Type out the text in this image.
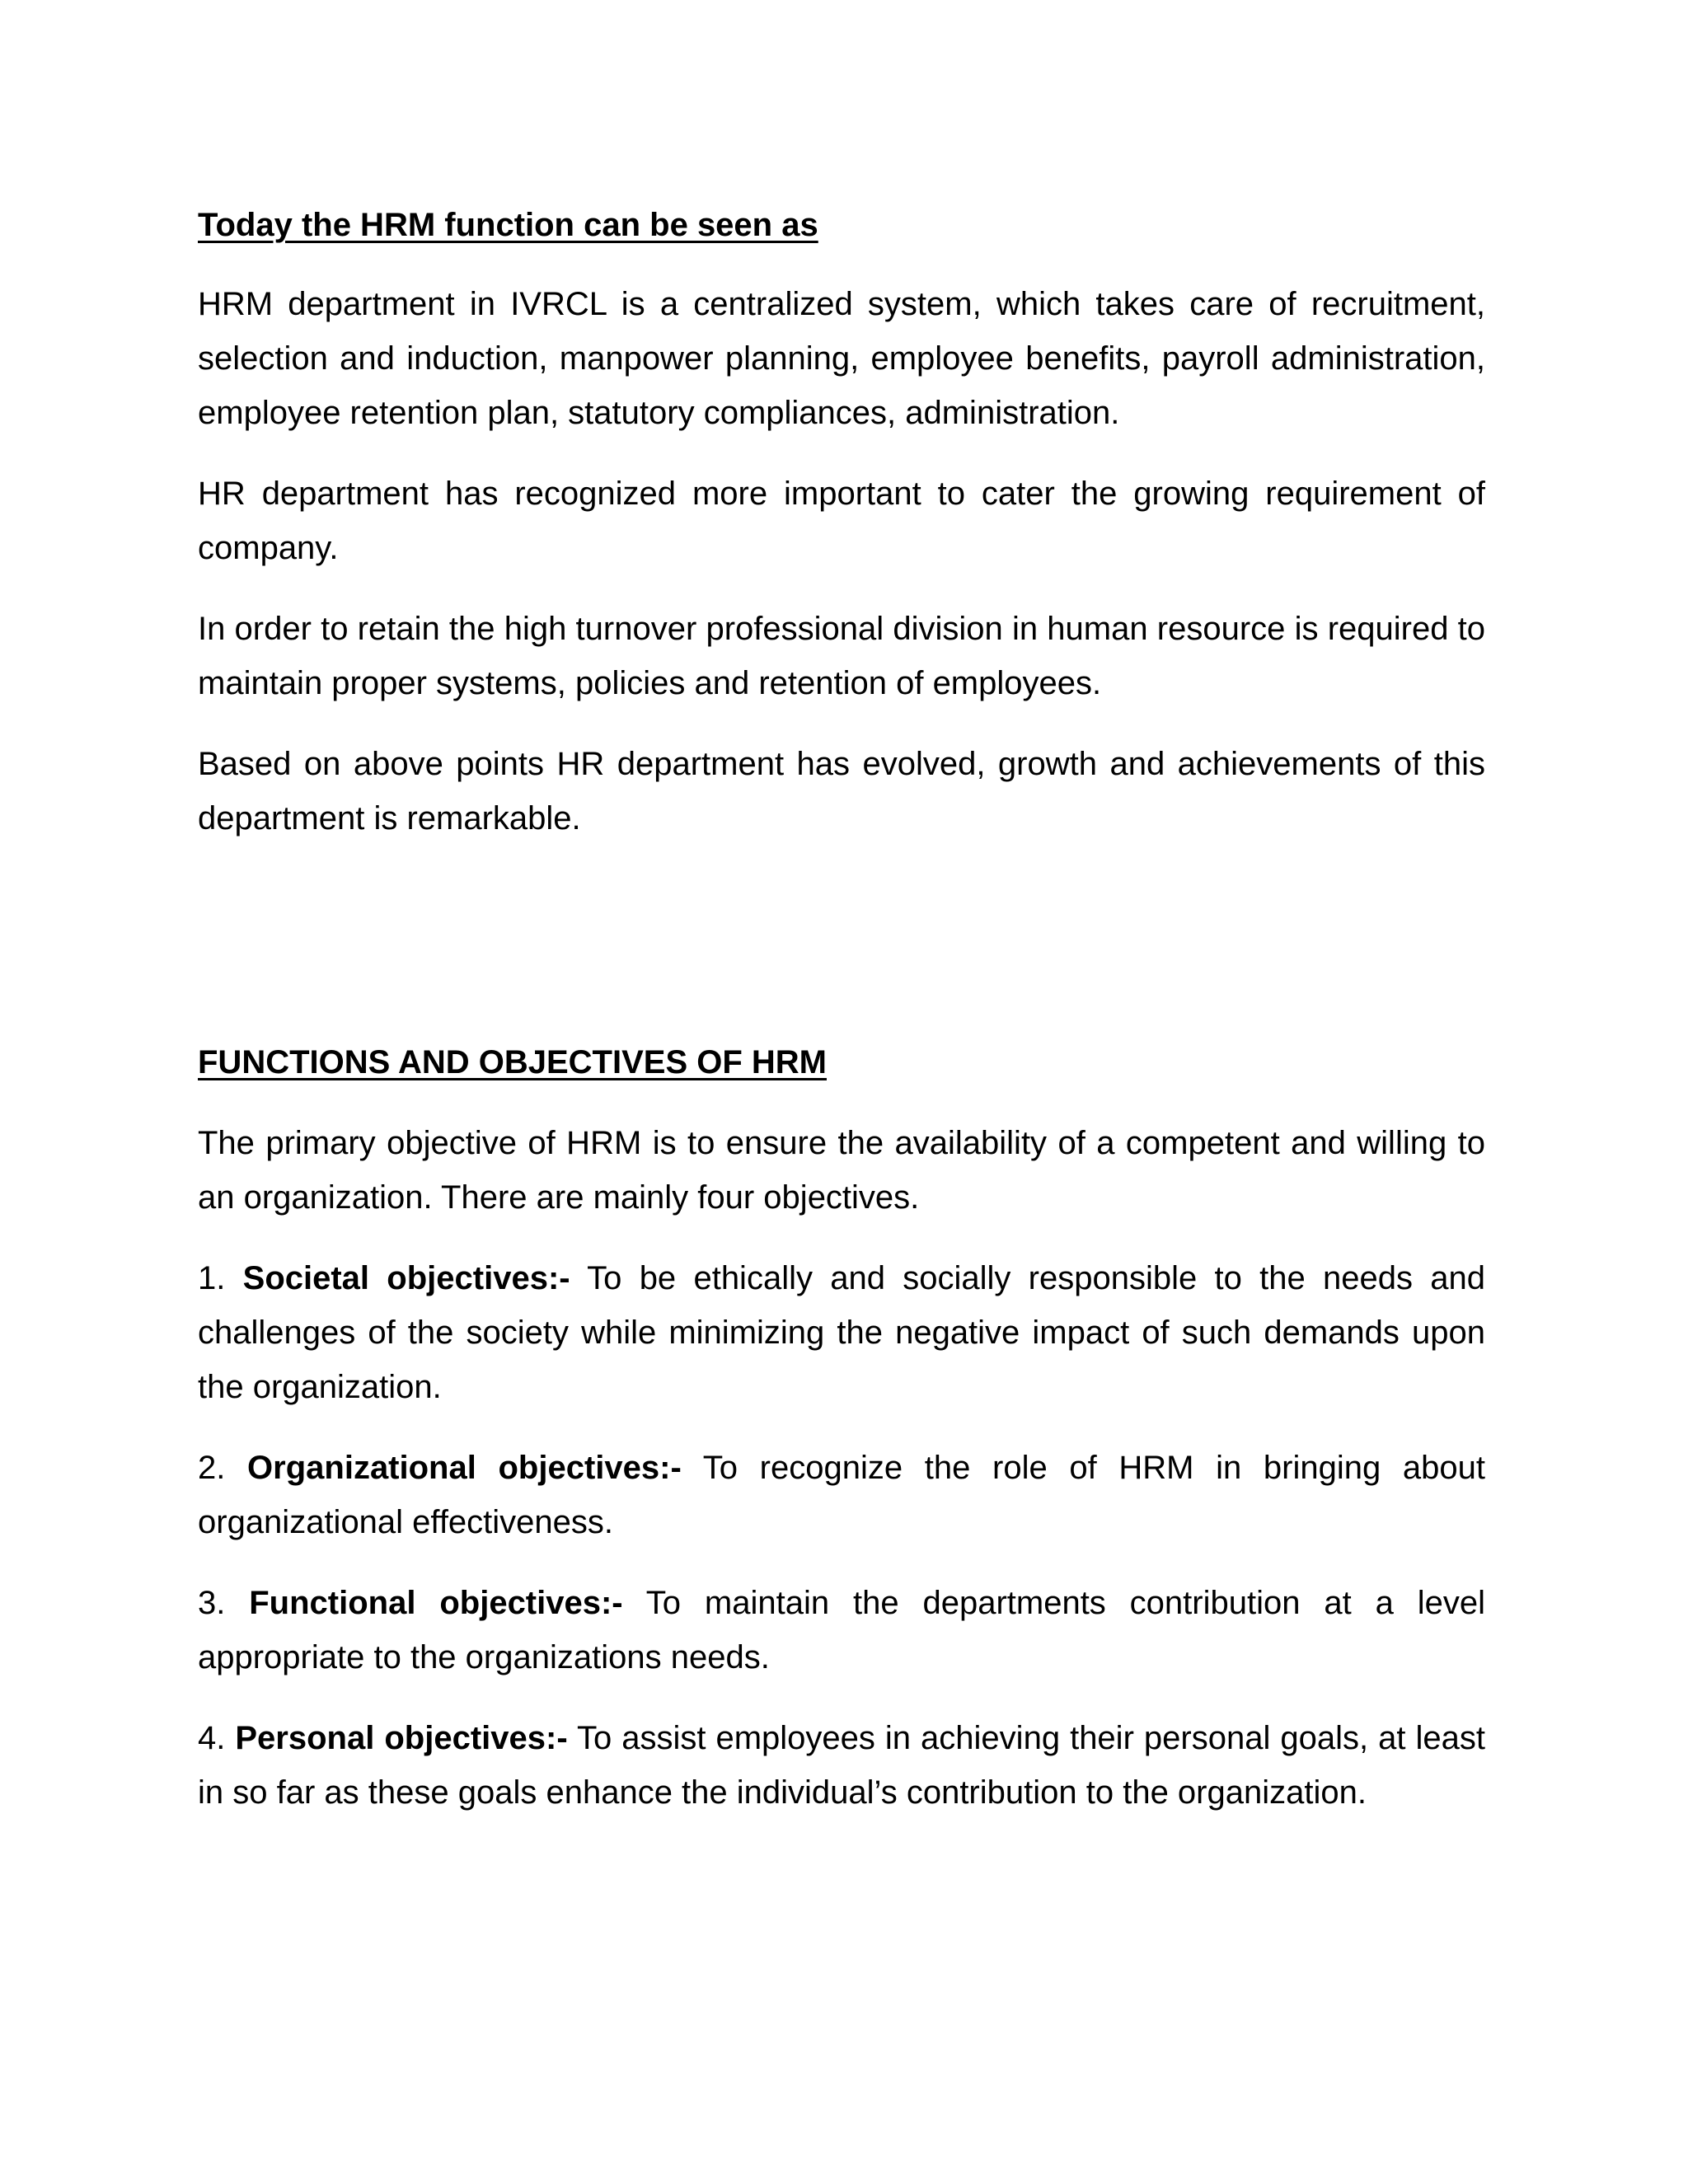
Today the HRM function can be seen as

HRM department in IVRCL is a centralized system, which takes care of recruitment, selection and induction, manpower planning, employee benefits, payroll administration, employee retention plan, statutory compliances, administration.

HR department has recognized more important to cater the growing requirement of company.

In order to retain the high turnover professional division in human resource is required to maintain proper systems, policies and retention of employees.

Based on above points HR department has evolved, growth and achievements of this department is remarkable.

FUNCTIONS AND OBJECTIVES OF HRM

The primary objective of HRM is to ensure the availability of a competent and willing to an organization. There are mainly four objectives.

1. Societal objectives:- To be ethically and socially responsible to the needs and challenges of the society while minimizing the negative impact of such demands upon the organization.

2. Organizational objectives:- To recognize the role of HRM in bringing about organizational effectiveness.

3. Functional objectives:- To maintain the departments contribution at a level appropriate to the organizations needs.

4. Personal objectives:- To assist employees in achieving their personal goals, at least in so far as these goals enhance the individual’s contribution to the organization.
